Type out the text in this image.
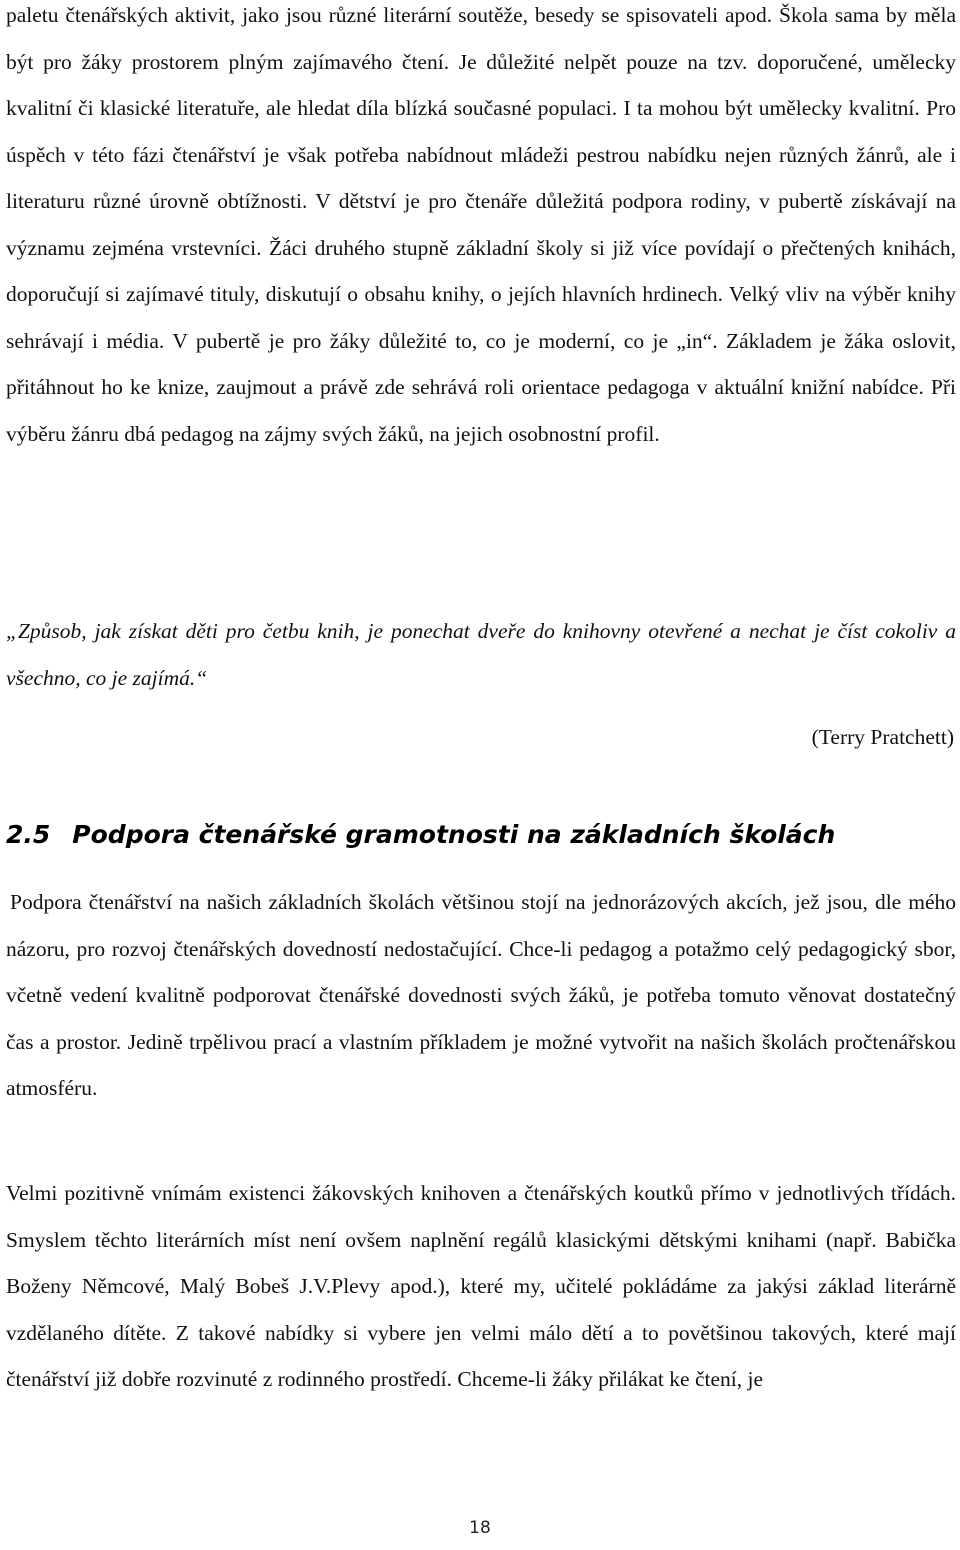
paletu čtenářských aktivit, jako jsou různé literární soutěže, besedy se spisovateli apod. Škola sama by měla být pro žáky prostorem plným zajímavého čtení. Je důležité nelpět pouze na tzv. doporučené, umělecky kvalitní či klasické literatuře, ale hledat díla blízká současné populaci. I ta mohou být umělecky kvalitní. Pro úspěch v této fázi čtenářství je však potřeba nabídnout mládeži pestrou nabídku nejen různých žánrů, ale i literaturu různé úrovně obtížnosti. V dětství je pro čtenáře důležitá podpora rodiny, v pubertě získávají na významu zejména vrstevníci. Žáci druhého stupně základní školy si již více povídají o přečtených knihách, doporučují si zajímavé tituly, diskutují o obsahu knihy, o jejích hlavních hrdinech. Velký vliv na výběr knihy sehrávají i média. V pubertě je pro žáky důležité to, co je moderní, co je „in“. Základem je žáka oslovit, přitáhnout ho ke knize, zaujmout a právě zde sehrává roli orientace pedagoga v aktuální knižní nabídce. Při výběru žánru dbá pedagog na zájmy svých žáků, na jejich osobnostní profil.

„Způsob, jak získat děti pro četbu knih, je ponechat dveře do knihovny otevřené a nechat je číst cokoliv a všechno, co je zajímá.“

(Terry Pratchett)
2.5 Podpora čtenářské gramotnosti na základních školách

Podpora čtenářství na našich základních školách většinou stojí na jednorázových akcích, jež jsou, dle mého názoru, pro rozvoj čtenářských dovedností nedostačující. Chce-li pedagog a potažmo celý pedagogický sbor, včetně vedení kvalitně podporovat čtenářské dovednosti svých žáků, je potřeba tomuto věnovat dostatečný čas a prostor. Jedině trpělivou prací a vlastním příkladem je možné vytvořit na našich školách pročtenářskou atmosféru.

Velmi pozitivně vnímám existenci žákovských knihoven a čtenářských koutků přímo v jednotlivých třídách. Smyslem těchto literárních míst není ovšem naplnění regálů klasickými dětskými knihami (např. Babička Boženy Němcové, Malý Bobeš J.V.Plevy apod.), které my, učitelé pokládáme za jakýsi základ literárně vzdělaného dítěte. Z takové nabídky si vybere jen velmi málo dětí a to povětšinou takových, které mají čtenářství již dobře rozvinuté z rodinného prostředí. Chceme-li žáky přilákat ke čtení, je

18
